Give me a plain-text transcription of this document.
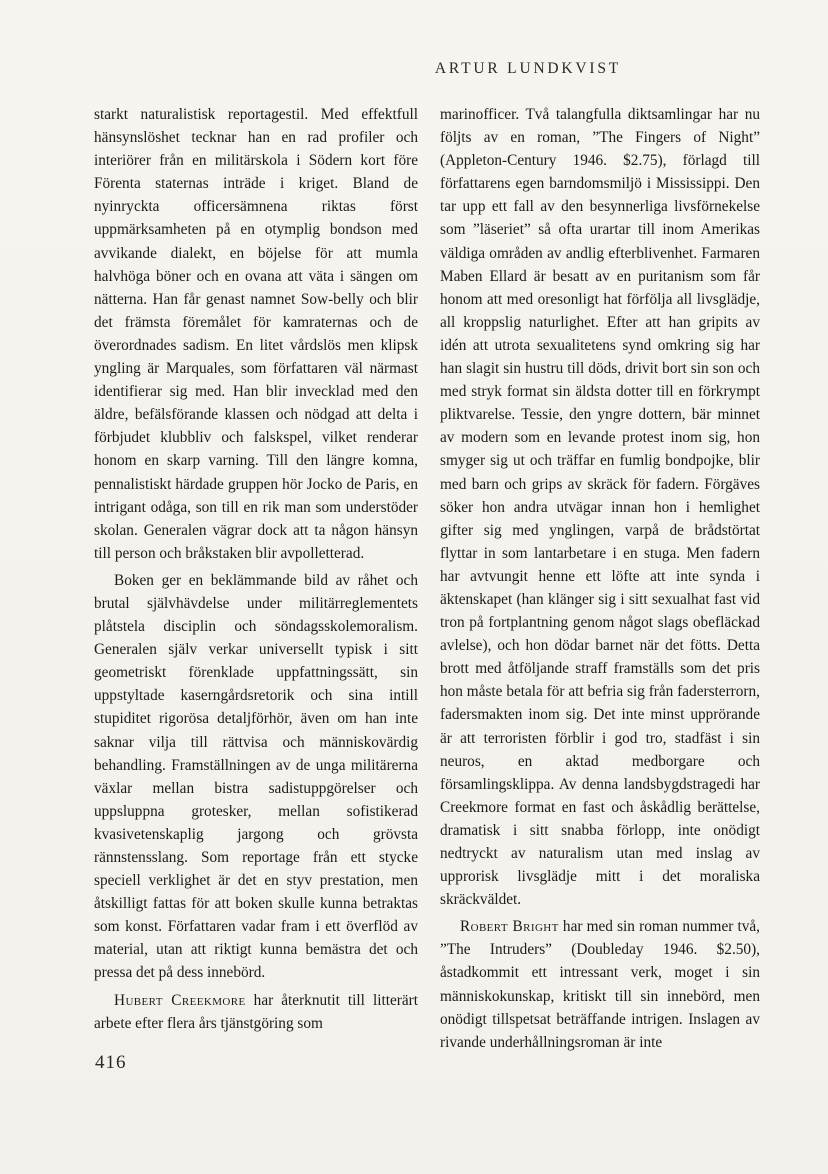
ARTUR LUNDKVIST

starkt naturalistisk reportagestil. Med effektfull hänsynslöshet tecknar han en rad profiler och interiörer från en militärskola i Södern kort före Förenta staternas inträde i kriget. Bland de nyinryckta officersämnena riktas först uppmärksamheten på en otymplig bondson med avvikande dialekt, en böjelse för att mumla halvhöga böner och en ovana att väta i sängen om nätterna. Han får genast namnet Sow-belly och blir det främsta föremålet för kamraternas och de överordnades sadism. En litet vårdslös men klipsk yngling är Marquales, som författaren väl närmast identifierar sig med. Han blir invecklad med den äldre, befälsförande klassen och nödgad att delta i förbjudet klubbliv och falskspel, vilket renderar honom en skarp varning. Till den längre komna, pennalistiskt härdade gruppen hör Jocko de Paris, en intrigant odåga, son till en rik man som understöder skolan. Generalen vägrar dock att ta någon hänsyn till person och bråkstaken blir avpolletterad.

Boken ger en beklämmande bild av råhet och brutal självhävdelse under militärreglementets plåtstela disciplin och söndagsskolemoralism. Generalen själv verkar universellt typisk i sitt geometriskt förenklade uppfattningssätt, sin uppstyltade kaserngårdsretorik och sina intill stupiditet rigorösa detaljförhör, även om han inte saknar vilja till rättvisa och människovärdig behandling. Framställningen av de unga militärerna växlar mellan bistra sadistuppgörelser och uppsluppna grotesker, mellan sofistikerad kvasivetenskaplig jargong och grövsta rännstensslang. Som reportage från ett stycke speciell verklighet är det en styv prestation, men åtskilligt fattas för att boken skulle kunna betraktas som konst. Författaren vadar fram i ett överflöd av material, utan att riktigt kunna bemästra det och pressa det på dess innebörd.

Hubert Creekmore har återknutit till litterärt arbete efter flera års tjänstgöring som

marinofficer. Två talangfulla diktsamlingar har nu följts av en roman, ”The Fingers of Night” (Appleton-Century 1946. $2.75), förlagd till författarens egen barndomsmiljö i Mississippi. Den tar upp ett fall av den besynnerliga livsförnekelse som ”läseriet” så ofta urartar till inom Amerikas väldiga områden av andlig efterblivenhet. Farmaren Maben Ellard är besatt av en puritanism som får honom att med oresonligt hat förfölja all livsglädje, all kroppslig naturlighet. Efter att han gripits av idén att utrota sexualitetens synd omkring sig har han slagit sin hustru till döds, drivit bort sin son och med stryk format sin äldsta dotter till en förkrympt pliktvarelse. Tessie, den yngre dottern, bär minnet av modern som en levande protest inom sig, hon smyger sig ut och träffar en fumlig bondpojke, blir med barn och grips av skräck för fadern. Förgäves söker hon andra utvägar innan hon i hemlighet gifter sig med ynglingen, varpå de brådstörtat flyttar in som lantarbetare i en stuga. Men fadern har avtvungit henne ett löfte att inte synda i äktenskapet (han klänger sig i sitt sexualhat fast vid tron på fortplantning genom något slags obefläckad avlelse), och hon dödar barnet när det fötts. Detta brott med åtföljande straff framställs som det pris hon måste betala för att befria sig från fadersterrorn, fadersmakten inom sig. Det inte minst upprörande är att terroristen förblir i god tro, stadfäst i sin neuros, en aktad medborgare och församlingsklippa. Av denna landsbygdstragedi har Creekmore format en fast och åskådlig berättelse, dramatisk i sitt snabba förlopp, inte onödigt nedtryckt av naturalism utan med inslag av upprorisk livsglädje mitt i det moraliska skräckväldet.

Robert Bright har med sin roman nummer två, ”The Intruders” (Doubleday 1946. $2.50), åstadkommit ett intressant verk, moget i sin människokunskap, kritiskt till sin innebörd, men onödigt tillspetsat beträffande intrigen. Inslagen av rivande underhållningsroman är inte

416
